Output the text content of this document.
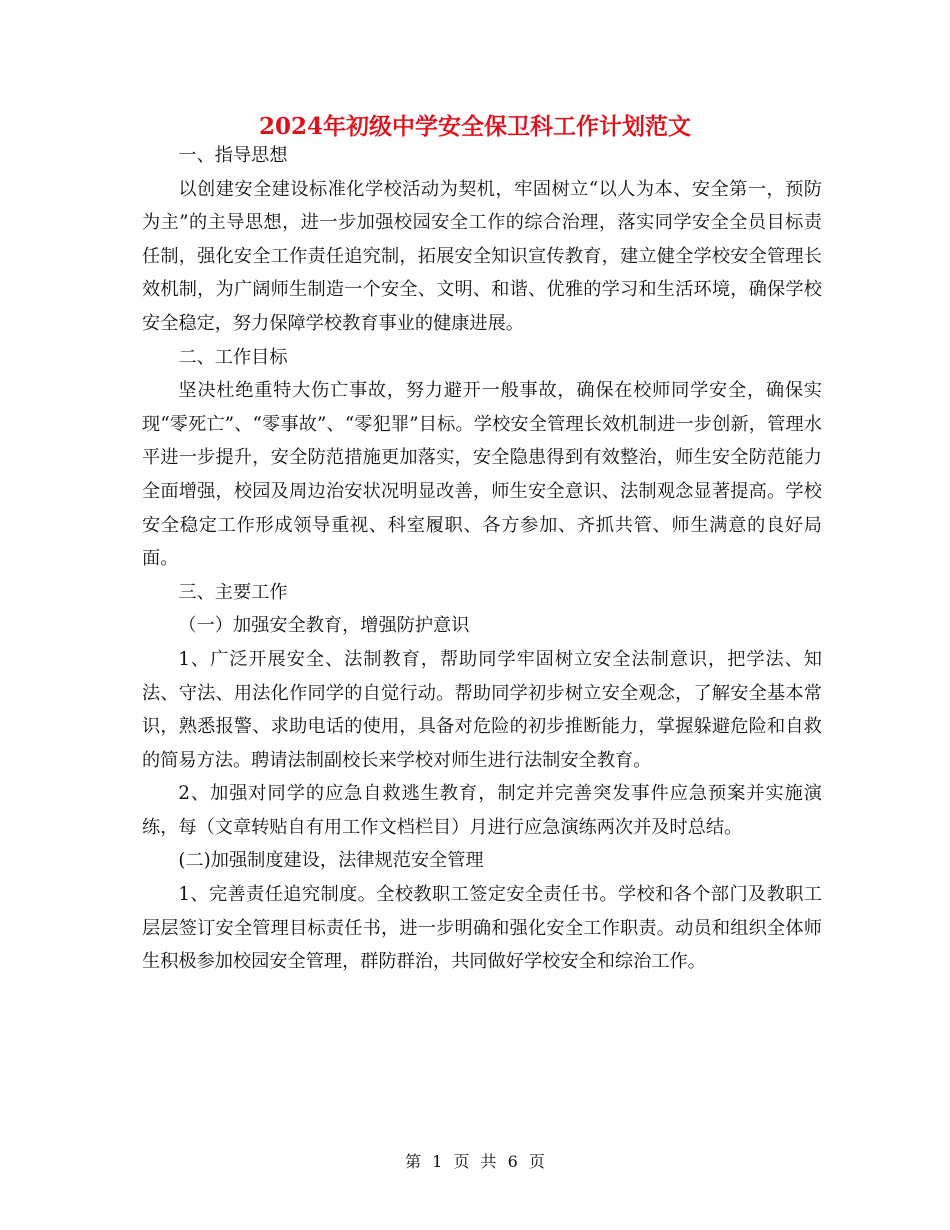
2024年初级中学安全保卫科工作计划范文

一、指导思想

以创建安全建设标准化学校活动为契机，牢固树立“以人为本、安全第一，预防为主”的主导思想，进一步加强校园安全工作的综合治理，落实同学安全全员目标责任制，强化安全工作责任追究制，拓展安全知识宣传教育，建立健全学校安全管理长效机制，为广阔师生制造一个安全、文明、和谐、优雅的学习和生活环境，确保学校安全稳定，努力保障学校教育事业的健康进展。

二、工作目标

坚决杜绝重特大伤亡事故，努力避开一般事故，确保在校师同学安全，确保实现“零死亡”、“零事故”、“零犯罪”目标。学校安全管理长效机制进一步创新，管理水平进一步提升，安全防范措施更加落实，安全隐患得到有效整治，师生安全防范能力全面增强，校园及周边治安状况明显改善，师生安全意识、法制观念显著提高。学校安全稳定工作形成领导重视、科室履职、各方参加、齐抓共管、师生满意的良好局面。

三、主要工作

（一）加强安全教育，增强防护意识

1、广泛开展安全、法制教育，帮助同学牢固树立安全法制意识，把学法、知法、守法、用法化作同学的自觉行动。帮助同学初步树立安全观念，了解安全基本常识，熟悉报警、求助电话的使用，具备对危险的初步推断能力，掌握躲避危险和自救的简易方法。聘请法制副校长来学校对师生进行法制安全教育。

2、加强对同学的应急自救逃生教育，制定并完善突发事件应急预案并实施演练，每（文章转贴自有用工作文档栏目）月进行应急演练两次并及时总结。

(二)加强制度建设，法律规范安全管理

1、完善责任追究制度。全校教职工签定安全责任书。学校和各个部门及教职工层层签订安全管理目标责任书，进一步明确和强化安全工作职责。动员和组织全体师生积极参加校园安全管理，群防群治，共同做好学校安全和综治工作。

第 1 页 共 6 页
